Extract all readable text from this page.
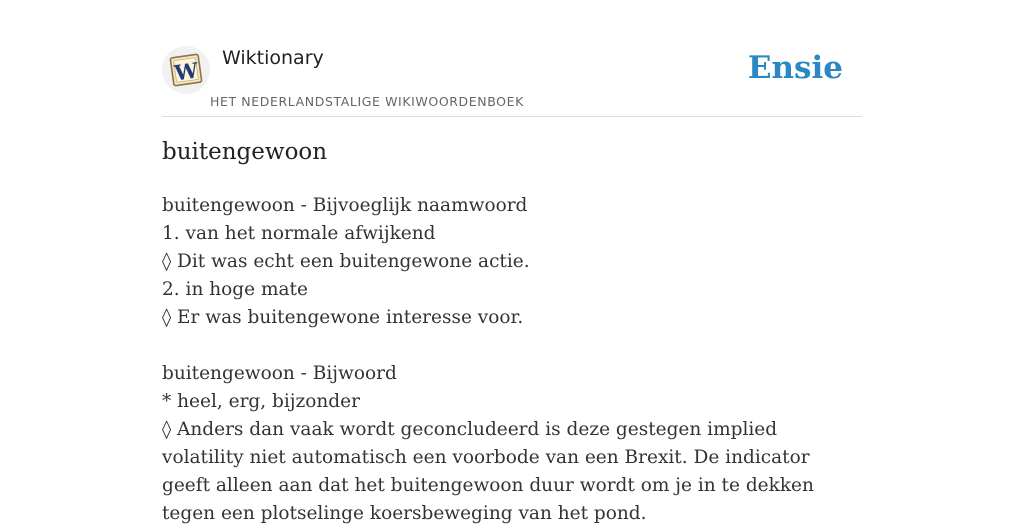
W Wiktionary
HET NEDERLANDSTALIGE WIKIWOORDENBOEK
Ensie
buitengewoon
buitengewoon - Bijvoeglijk naamwoord
1. van het normale afwijkend
◊ Dit was echt een buitengewone actie.
2. in hoge mate
◊ Er was buitengewone interesse voor.
buitengewoon - Bijwoord
* heel, erg, bijzonder
◊ Anders dan vaak wordt geconcludeerd is deze gestegen implied volatility niet automatisch een voorbode van een Brexit. De indicator geeft alleen aan dat het buitengewoon duur wordt om je in te dekken tegen een plotselinge koersbeweging van het pond.
